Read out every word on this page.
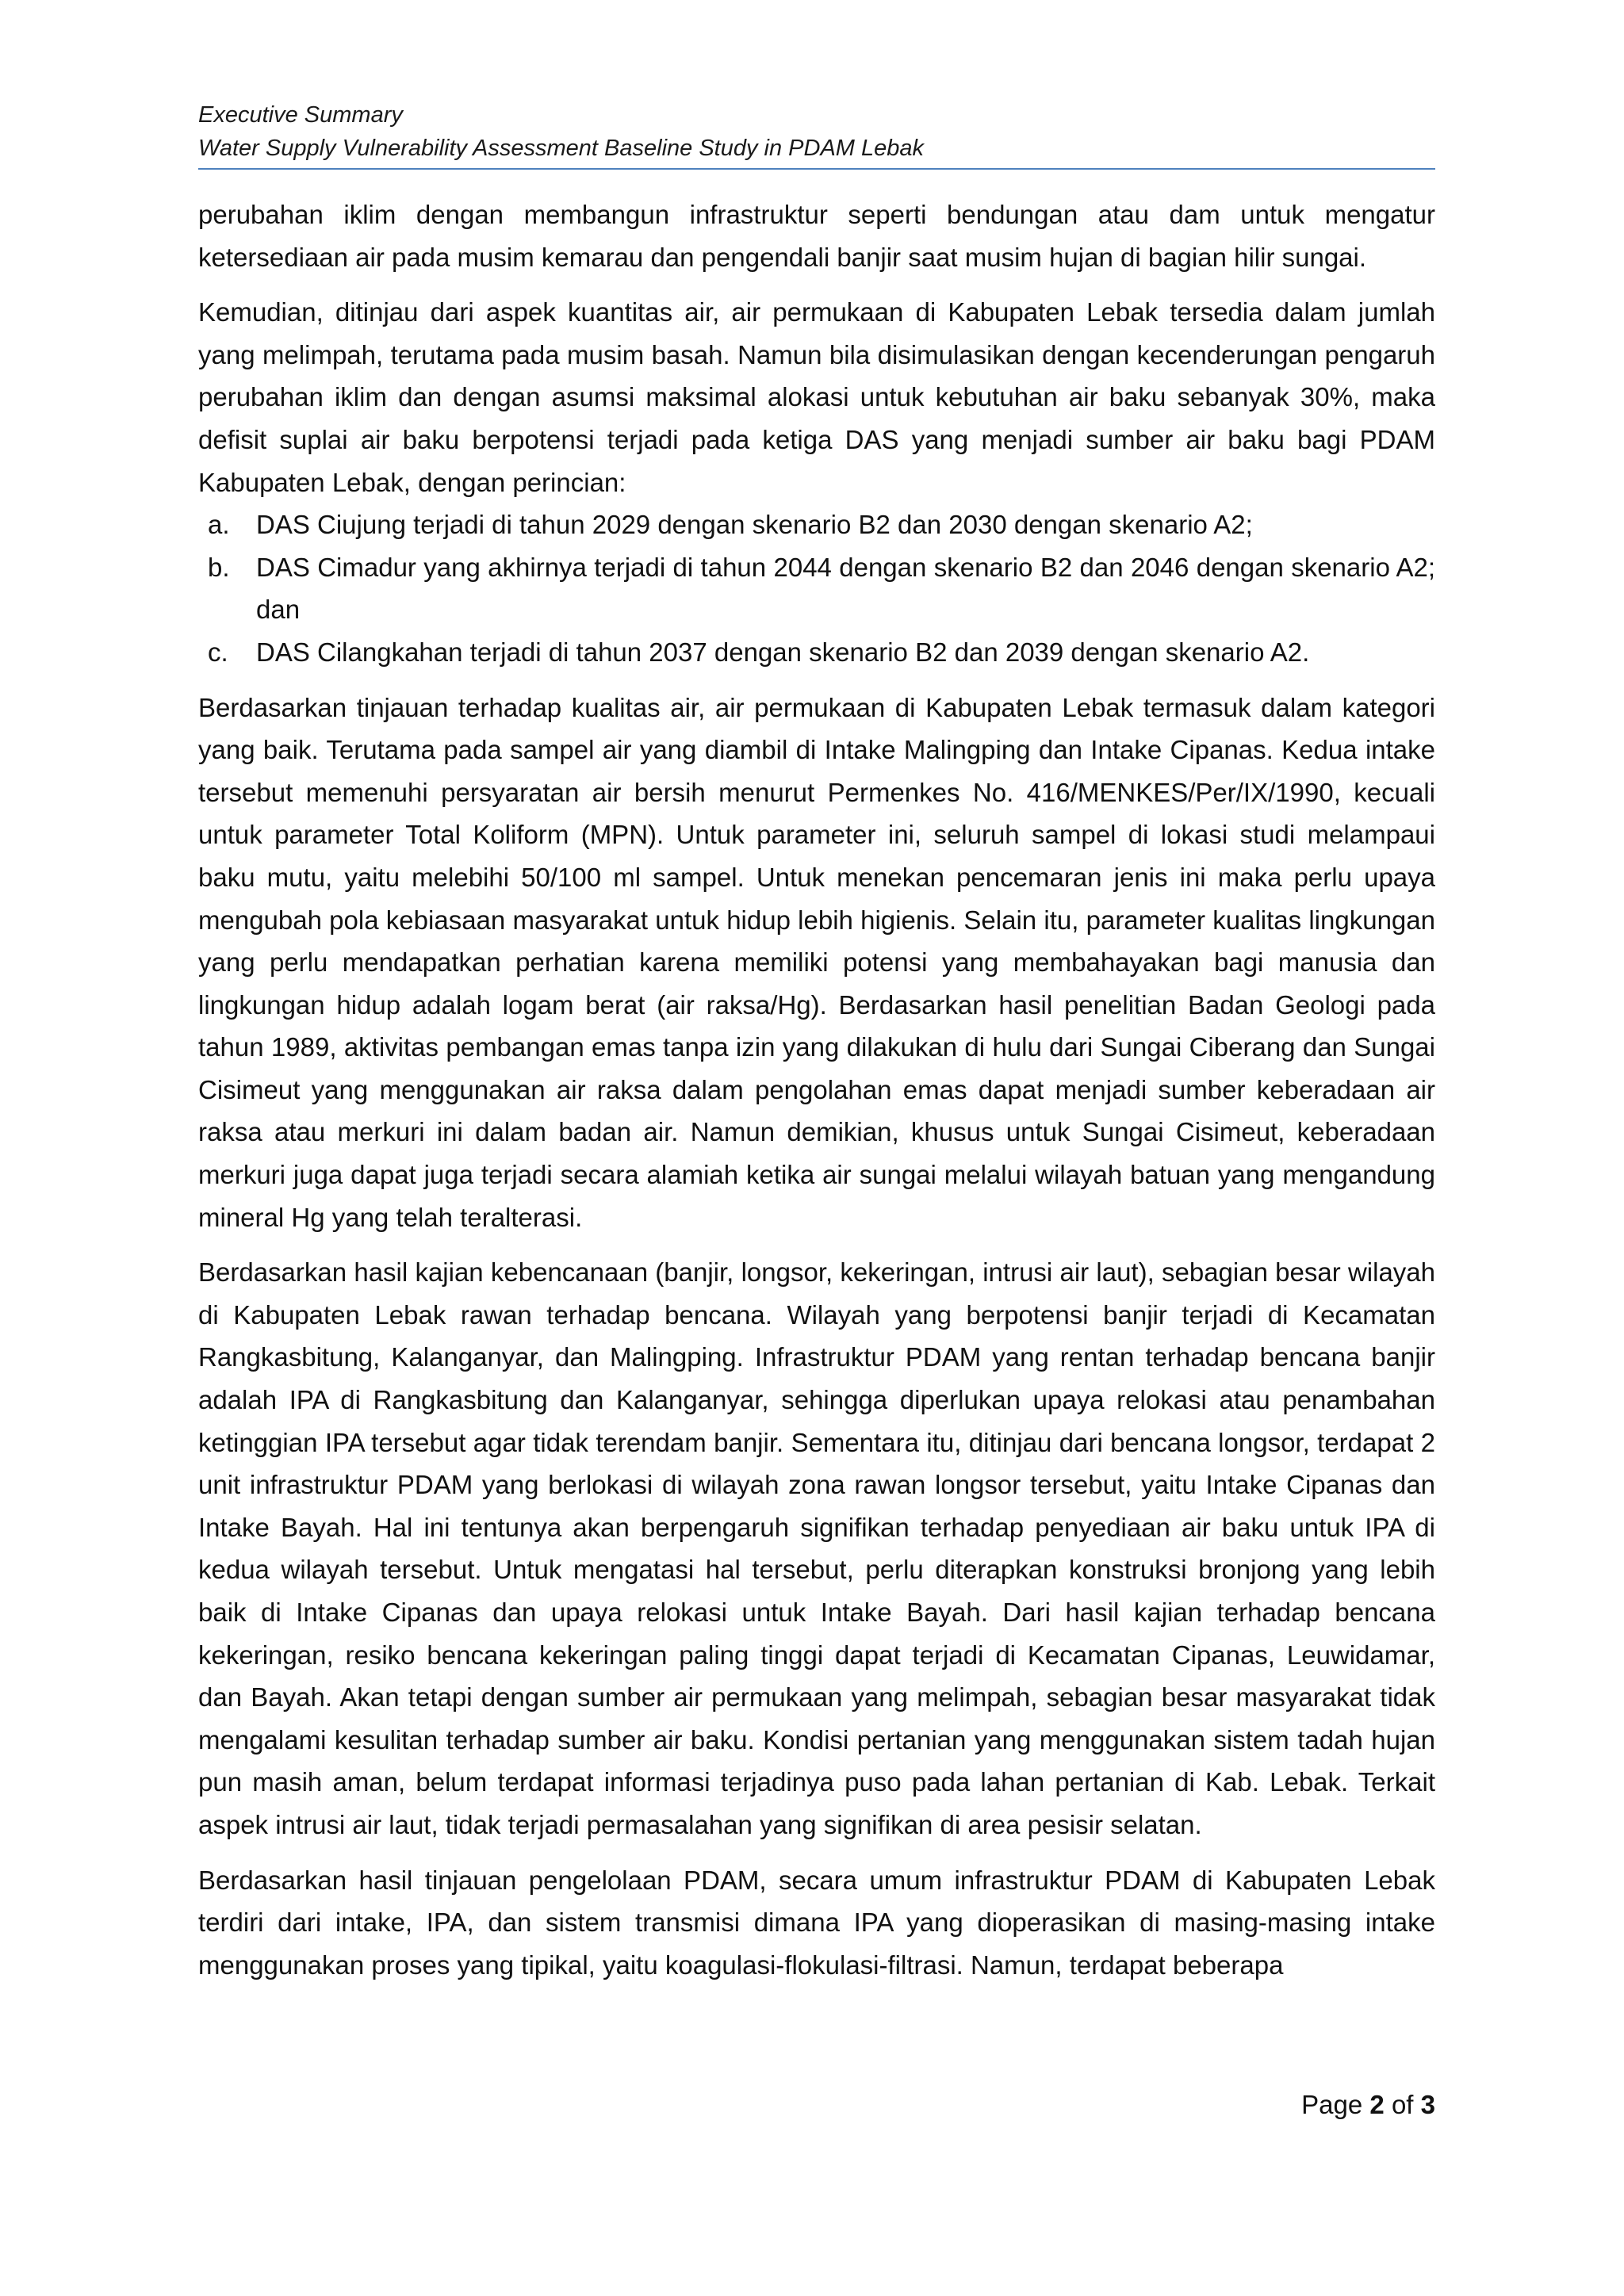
Executive Summary
Water Supply Vulnerability Assessment Baseline Study in PDAM Lebak

perubahan iklim dengan membangun infrastruktur seperti bendungan atau dam untuk mengatur ketersediaan air pada musim kemarau dan pengendali banjir saat musim hujan di bagian hilir sungai.

Kemudian, ditinjau dari aspek kuantitas air, air permukaan di Kabupaten Lebak tersedia dalam jumlah yang melimpah, terutama pada musim basah. Namun bila disimulasikan dengan kecenderungan pengaruh perubahan iklim dan dengan asumsi maksimal alokasi untuk kebutuhan air baku sebanyak 30%, maka defisit suplai air baku berpotensi terjadi pada ketiga DAS yang menjadi sumber air baku bagi PDAM Kabupaten Lebak, dengan perincian:

a. DAS Ciujung terjadi di tahun 2029 dengan skenario B2 dan 2030 dengan skenario A2;
b. DAS Cimadur yang akhirnya terjadi di tahun 2044 dengan skenario B2 dan 2046 dengan skenario A2; dan
c. DAS Cilangkahan terjadi di tahun 2037 dengan skenario B2 dan 2039 dengan skenario A2.

Berdasarkan tinjauan terhadap kualitas air, air permukaan di Kabupaten Lebak termasuk dalam kategori yang baik. Terutama pada sampel air yang diambil di Intake Malingping dan Intake Cipanas. Kedua intake tersebut memenuhi persyaratan air bersih menurut Permenkes No. 416/MENKES/Per/IX/1990, kecuali untuk parameter Total Koliform (MPN). Untuk parameter ini, seluruh sampel di lokasi studi melampaui baku mutu, yaitu melebihi 50/100 ml sampel. Untuk menekan pencemaran jenis ini maka perlu upaya mengubah pola kebiasaan masyarakat untuk hidup lebih higienis. Selain itu, parameter kualitas lingkungan yang perlu mendapatkan perhatian karena memiliki potensi yang membahayakan bagi manusia dan lingkungan hidup adalah logam berat (air raksa/Hg). Berdasarkan hasil penelitian Badan Geologi pada tahun 1989, aktivitas pembangan emas tanpa izin yang dilakukan di hulu dari Sungai Ciberang dan Sungai Cisimeut yang menggunakan air raksa dalam pengolahan emas dapat menjadi sumber keberadaan air raksa atau merkuri ini dalam badan air. Namun demikian, khusus untuk Sungai Cisimeut, keberadaan merkuri juga dapat juga terjadi secara alamiah ketika air sungai melalui wilayah batuan yang mengandung mineral Hg yang telah teralterasi.

Berdasarkan hasil kajian kebencanaan (banjir, longsor, kekeringan, intrusi air laut), sebagian besar wilayah di Kabupaten Lebak rawan terhadap bencana. Wilayah yang berpotensi banjir terjadi di Kecamatan Rangkasbitung, Kalanganyar, dan Malingping. Infrastruktur PDAM yang rentan terhadap bencana banjir adalah IPA di Rangkasbitung dan Kalanganyar, sehingga diperlukan upaya relokasi atau penambahan ketinggian IPA tersebut agar tidak terendam banjir. Sementara itu, ditinjau dari bencana longsor, terdapat 2 unit infrastruktur PDAM yang berlokasi di wilayah zona rawan longsor tersebut, yaitu Intake Cipanas dan Intake Bayah. Hal ini tentunya akan berpengaruh signifikan terhadap penyediaan air baku untuk IPA di kedua wilayah tersebut. Untuk mengatasi hal tersebut, perlu diterapkan konstruksi bronjong yang lebih baik di Intake Cipanas dan upaya relokasi untuk Intake Bayah. Dari hasil kajian terhadap bencana kekeringan, resiko bencana kekeringan paling tinggi dapat terjadi di Kecamatan Cipanas, Leuwidamar, dan Bayah. Akan tetapi dengan sumber air permukaan yang melimpah, sebagian besar masyarakat tidak mengalami kesulitan terhadap sumber air baku. Kondisi pertanian yang menggunakan sistem tadah hujan pun masih aman, belum terdapat informasi terjadinya puso pada lahan pertanian di Kab. Lebak. Terkait aspek intrusi air laut, tidak terjadi permasalahan yang signifikan di area pesisir selatan.

Berdasarkan hasil tinjauan pengelolaan PDAM, secara umum infrastruktur PDAM di Kabupaten Lebak terdiri dari intake, IPA, dan sistem transmisi dimana IPA yang dioperasikan di masing-masing intake menggunakan proses yang tipikal, yaitu koagulasi-flokulasi-filtrasi. Namun, terdapat beberapa

Page 2 of 3
